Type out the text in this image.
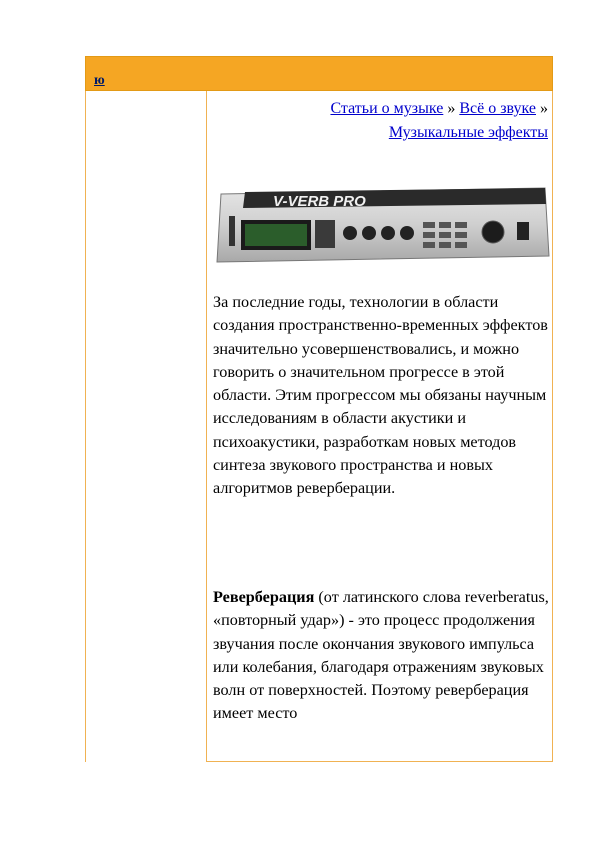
ю
Статьи о музыке » Всё о звуке » Музыкальные эффекты
V-VERB PRO
За последние годы, технологии в области создания пространственно-временных эффектов значительно усовершенствовались, и можно говорить о значительном прогрессе в этой области. Этим прогрессом мы обязаны научным исследованиям в области акустики и психоакустики, разработкам новых методов синтеза звукового пространства и новых алгоритмов реверберации.
Реверберация (от латинского слова reverberatus, «повторный удар») - это процесс продолжения звучания после окончания звукового импульса или колебания, благодаря отражениям звуковых волн от поверхностей. Поэтому реверберация имеет место
